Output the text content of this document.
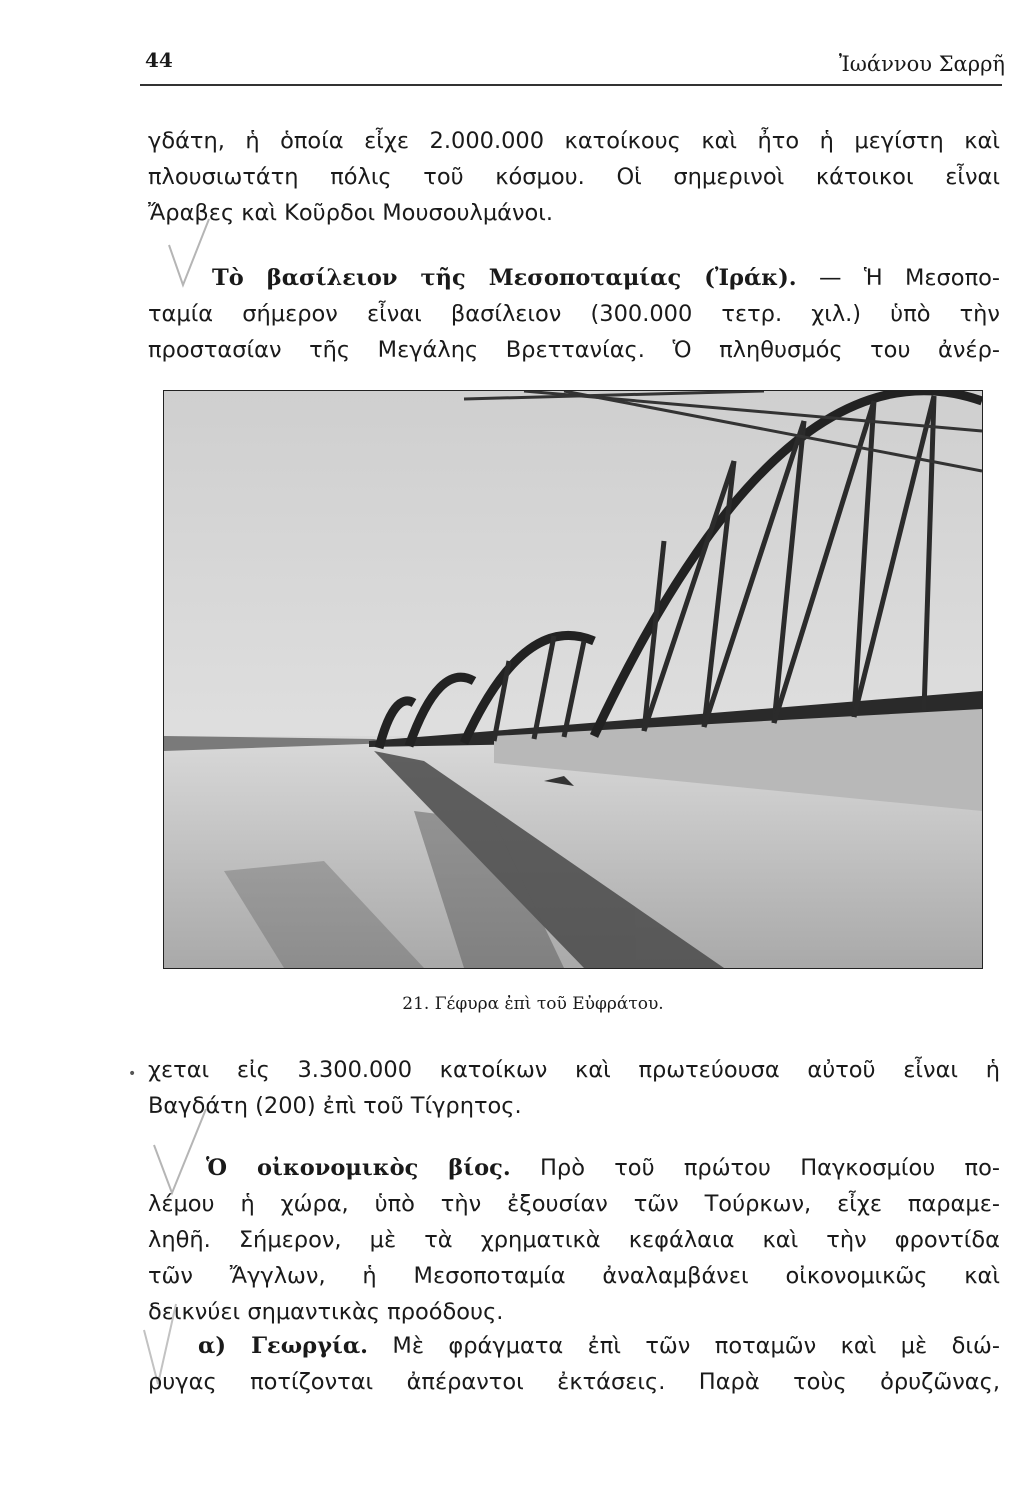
44	Ἰωάννου Σαρρῆ

γδάτη, ἡ ὁποία εἶχε 2.000.000 κατοίκους καὶ ἦτο ἡ μεγίστη καὶ
πλουσιωτάτη πόλις τοῦ κόσμου. Οἱ σημερινοὶ κάτοικοι εἶναι
Ἄραβες καὶ Κοῦρδοι Μουσουλμάνοι.

Τὸ βασίλειον τῆς Μεσοποταμίας (Ἰράκ). — Ἡ Μεσοπο-
ταμία σήμερον εἶναι βασίλειον (300.000 τετρ. χιλ.) ὑπὸ τὴν
προστασίαν τῆς Μεγάλης Βρεττανίας. Ὁ πληθυσμός του ἀνέρ-

21. Γέφυρα ἐπὶ τοῦ Εὐφράτου.
• χεται εἰς 3.300.000 κατοίκων καὶ πρωτεύουσα αὐτοῦ εἶναι ἡ
Βαγδάτη (200) ἐπὶ τοῦ Τίγρητος.

Ὁ οἰκονομικὸς βίος. Πρὸ τοῦ πρώτου Παγκοσμίου πο-
λέμου ἡ χώρα, ὑπὸ τὴν ἐξουσίαν τῶν Τούρκων, εἶχε παραμε-
ληθῆ. Σήμερον, μὲ τὰ χρηματικὰ κεφάλαια καὶ τὴν φροντίδα
τῶν Ἄγγλων, ἡ Μεσοποταμία ἀναλαμβάνει οἰκονομικῶς καὶ
δεικνύει σημαντικὰς προόδους.

α) Γεωργία. Μὲ φράγματα ἐπὶ τῶν ποταμῶν καὶ μὲ διώ-
ρυγας ποτίζονται ἀπέραντοι ἐκτάσεις. Παρὰ τοὺς ὀρυζῶνας,
